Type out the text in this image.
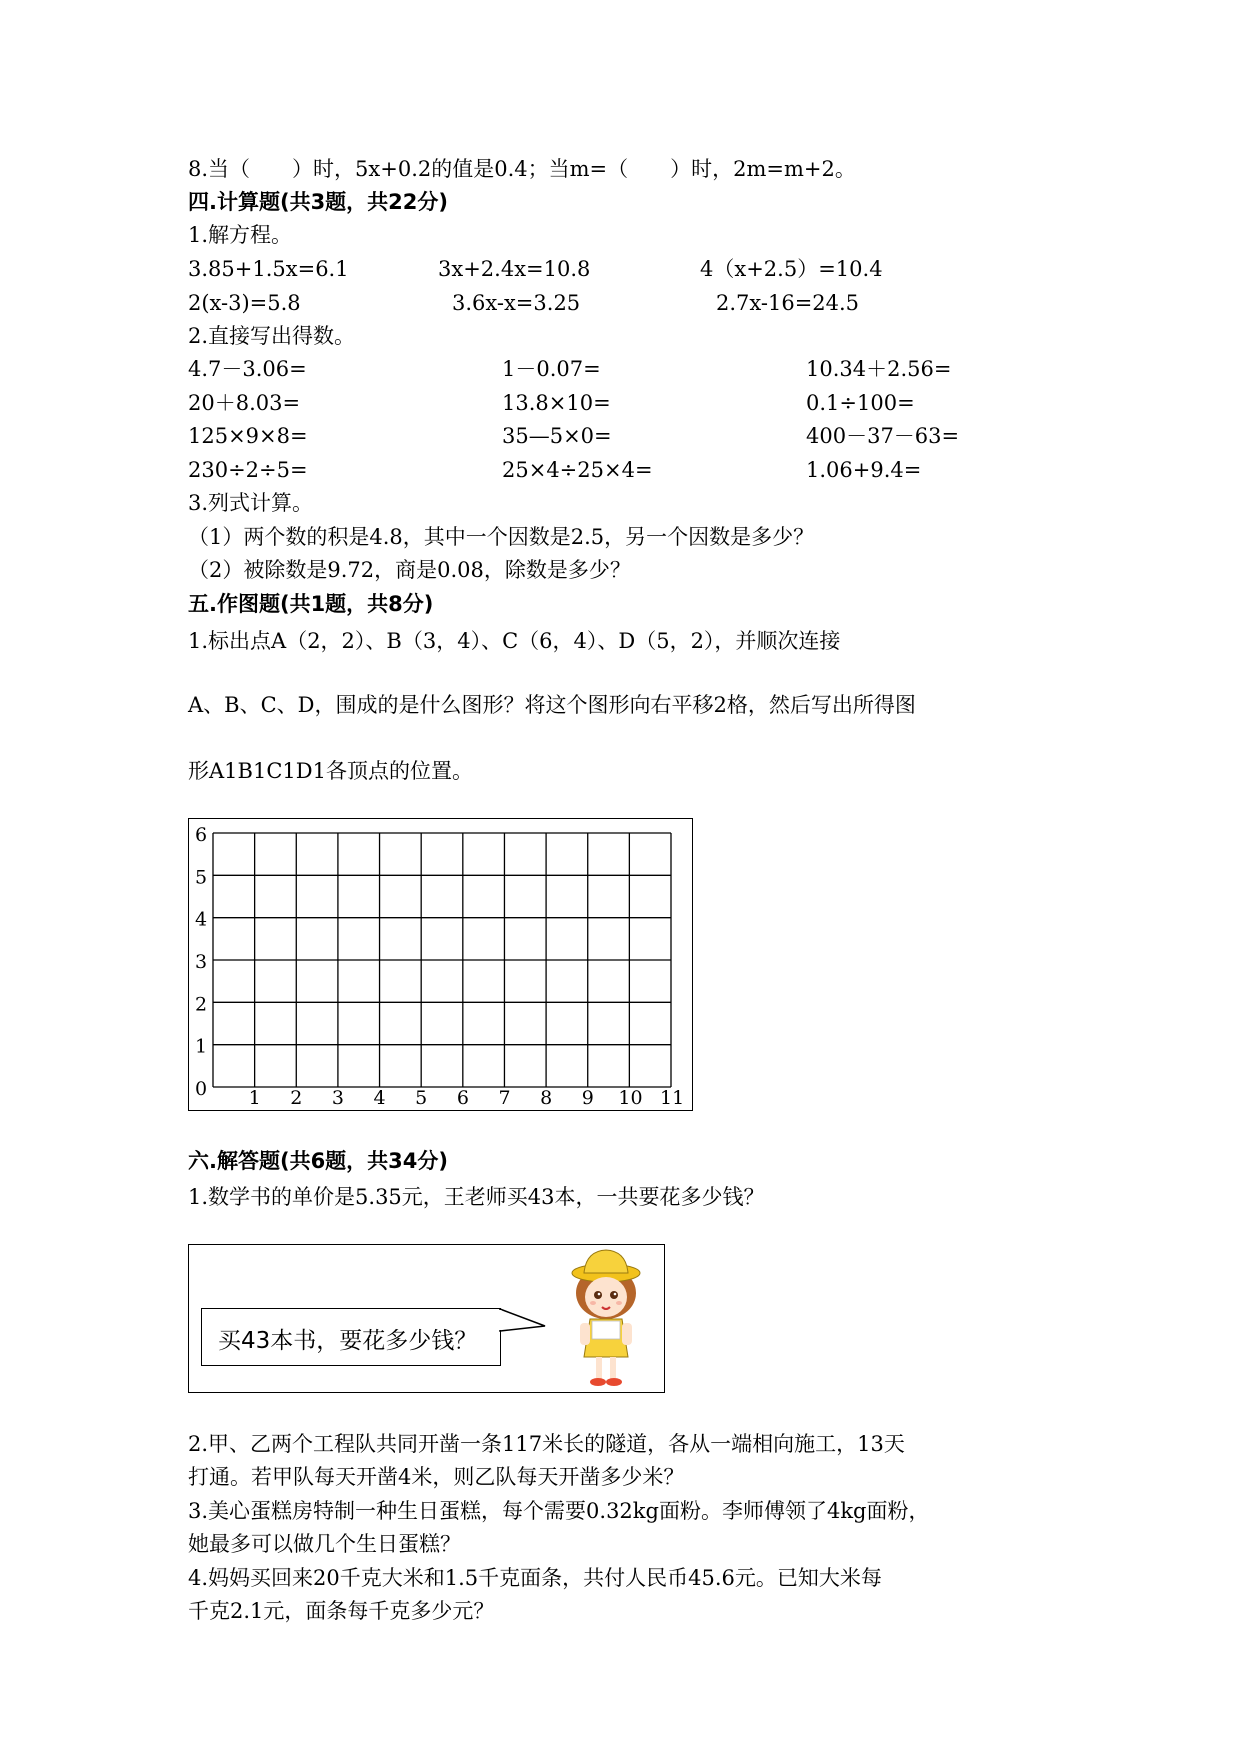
8.当（　　）时，5x+0.2的值是0.4；当m=（　　）时，2m=m+2。
四.计算题(共3题，共22分)
1.解方程。
3.85+1.5x=6.1	3x+2.4x=10.8	4（x+2.5）=10.4
2(x-3)=5.8	3.6x-x=3.25	2.7x-16=24.5
2.直接写出得数。
4.7－3.06=	1－0.07=	10.34＋2.56=
20＋8.03=	13.8×10=	0.1÷100=
125×9×8=	35—5×0=	400－37－63=
230÷2÷5=	25×4÷25×4=	1.06+9.4=
3.列式计算。
（1）两个数的积是4.8，其中一个因数是2.5，另一个因数是多少？
（2）被除数是9.72，商是0.08，除数是多少？
五.作图题(共1题，共8分)
1.标出点A（2，2）、B（3，4）、C（6，4）、D（5，2），并顺次连接
A、B、C、D，围成的是什么图形？将这个图形向右平移2格，然后写出所得图
形A1B1C1D1各顶点的位置。
1 2 3 4 5 6 7 8 9 10 11
0
1
2
3
4
5
6
六.解答题(共6题，共34分)
1.数学书的单价是5.35元，王老师买43本，一共要花多少钱？
买43本书，要花多少钱？
2.甲、乙两个工程队共同开凿一条117米长的隧道，各从一端相向施工，13天
打通。若甲队每天开凿4米，则乙队每天开凿多少米？
3.美心蛋糕房特制一种生日蛋糕，每个需要0.32kg面粉。李师傅领了4kg面粉，
她最多可以做几个生日蛋糕？
4.妈妈买回来20千克大米和1.5千克面条，共付人民币45.6元。已知大米每
千克2.1元，面条每千克多少元？
